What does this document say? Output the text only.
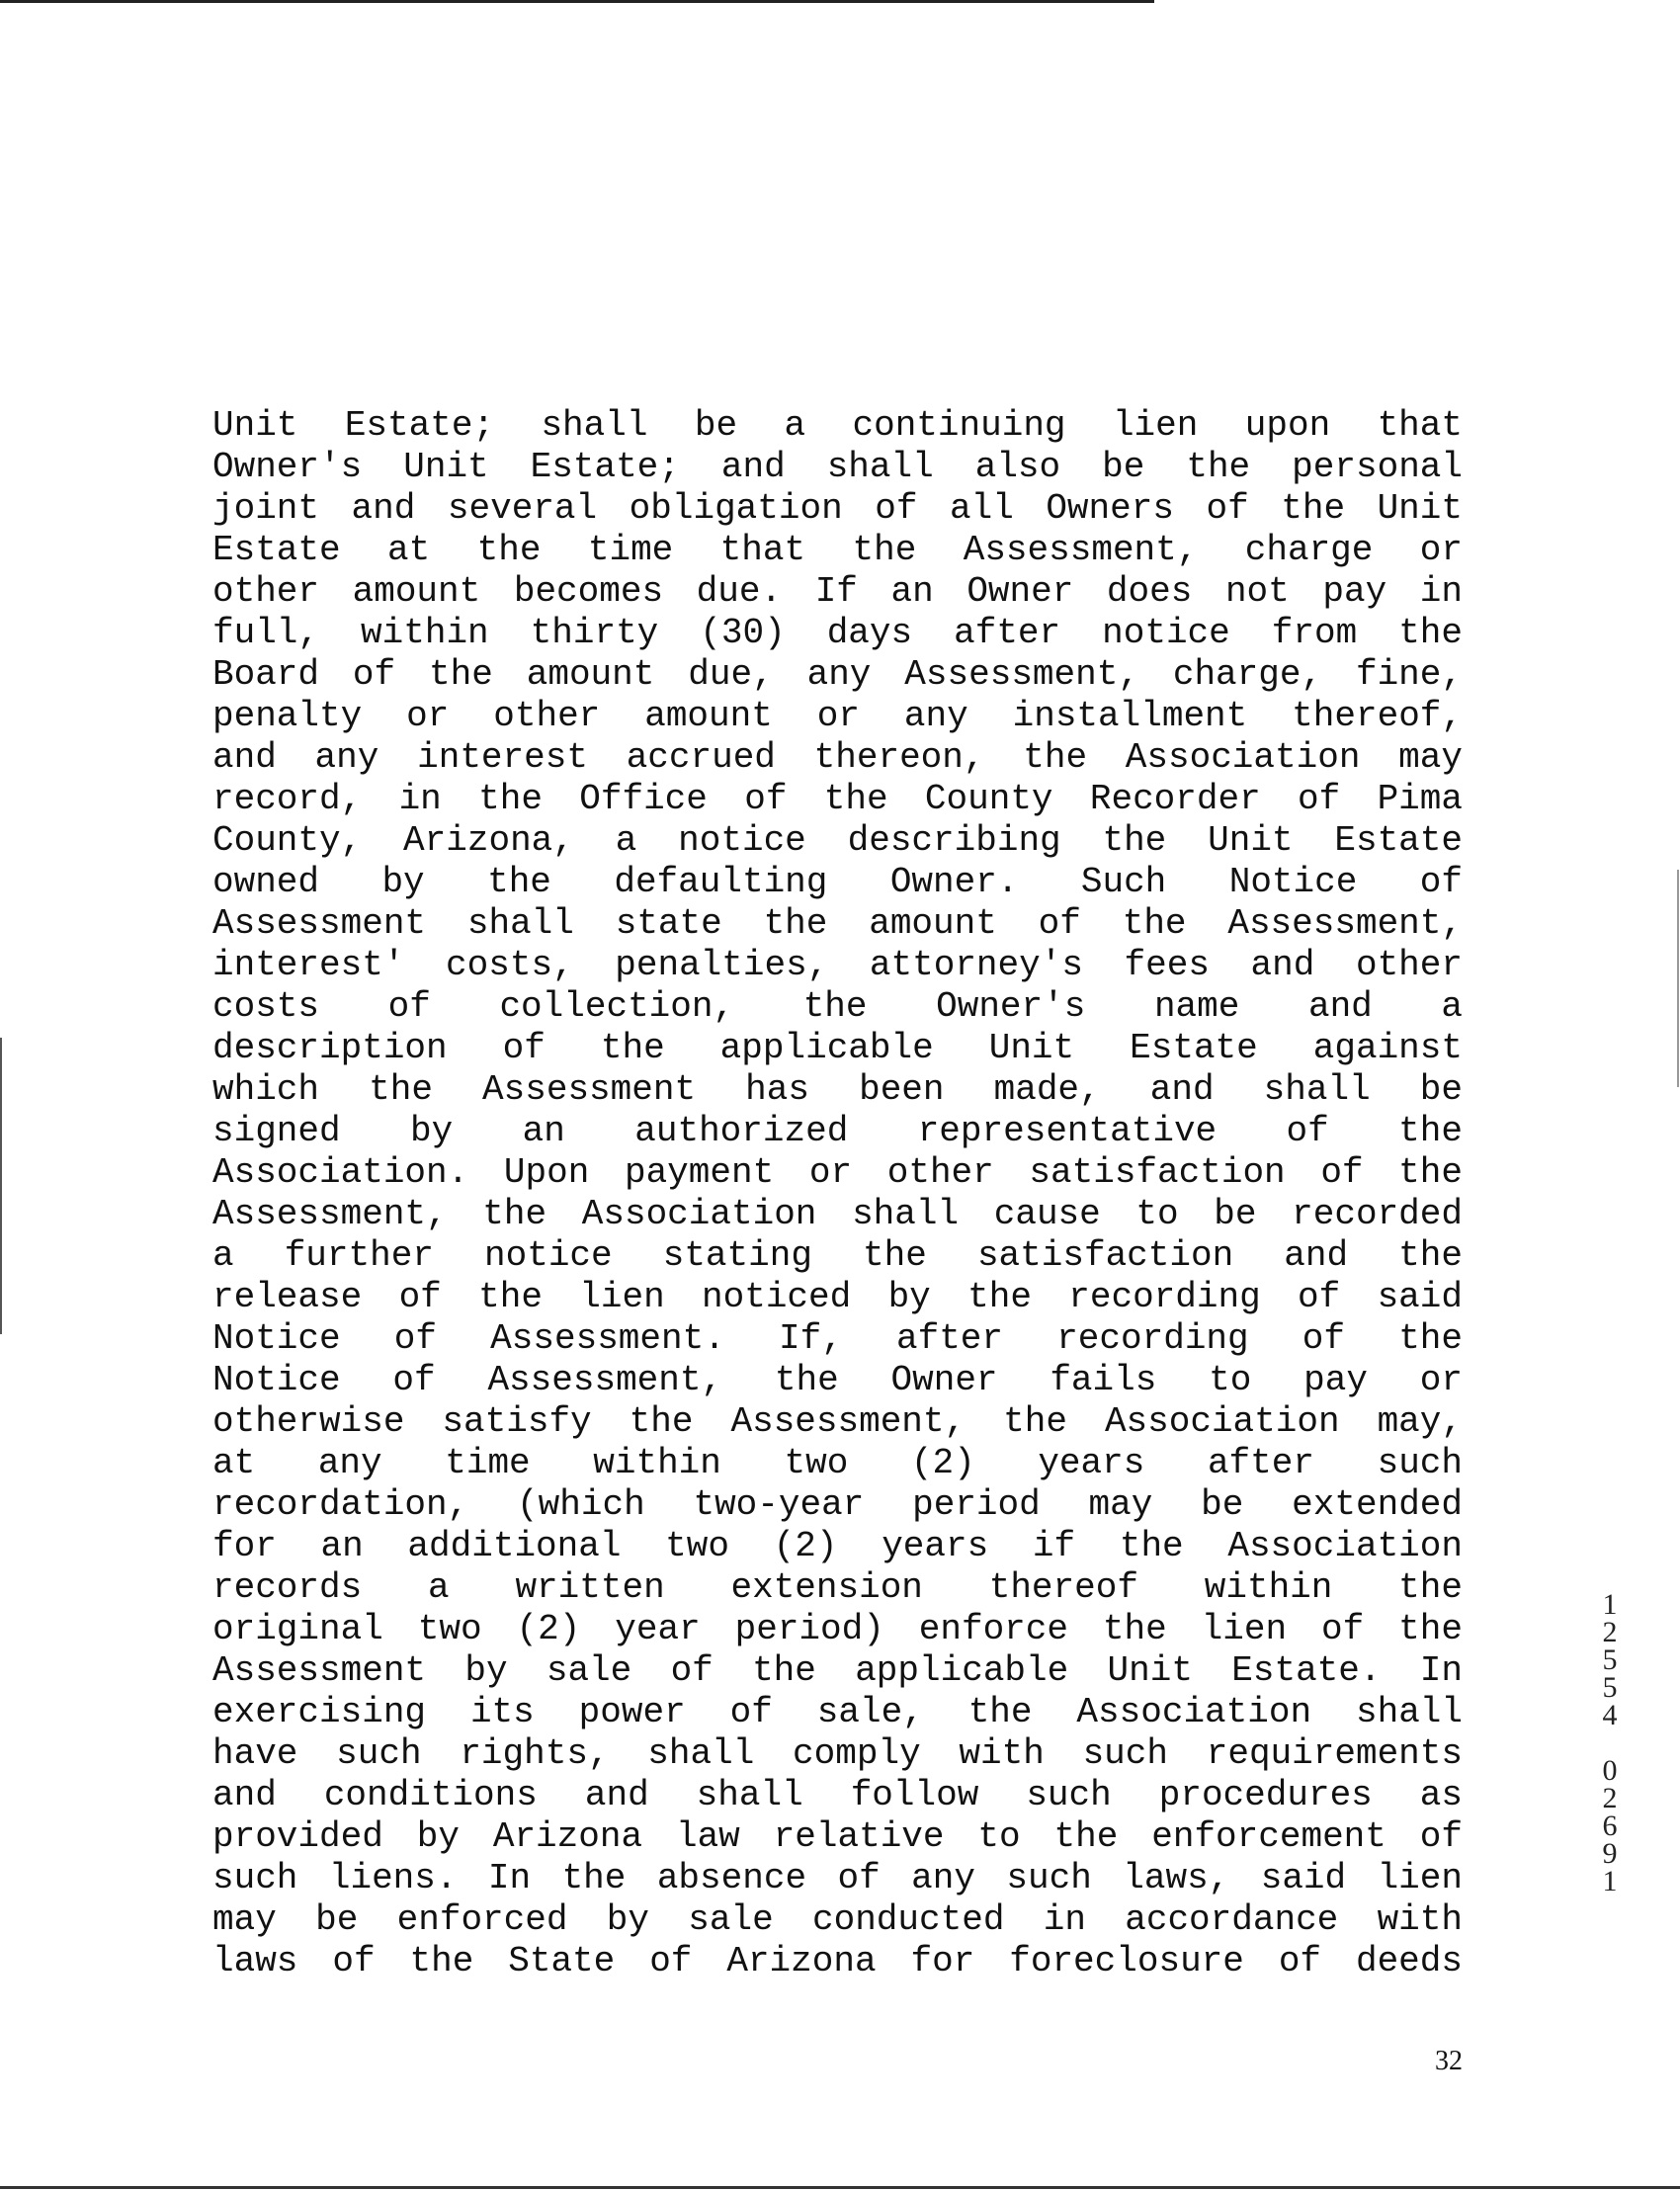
Unit Estate; shall be a continuing lien upon that
Owner's Unit Estate; and shall also be the personal
joint and several obligation of all Owners of the Unit
Estate at the time that the Assessment, charge or
other amount becomes due. If an Owner does not pay in
full, within thirty (30) days after notice from the
Board of the amount due, any Assessment, charge, fine,
penalty or other amount or any installment thereof,
and any interest accrued thereon, the Association may
record, in the Office of the County Recorder of Pima
County, Arizona, a notice describing the Unit Estate
owned by the defaulting Owner. Such Notice of
Assessment shall state the amount of the Assessment,
interest' costs, penalties, attorney's fees and other
costs of collection, the Owner's name and a
description of the applicable Unit Estate against
which the Assessment has been made, and shall be
signed by an authorized representative of the
Association. Upon payment or other satisfaction of the
Assessment, the Association shall cause to be recorded
a further notice stating the satisfaction and the
release of the lien noticed by the recording of said
Notice of Assessment. If, after recording of the
Notice of Assessment, the Owner fails to pay or
otherwise satisfy the Assessment, the Association may,
at any time within two (2) years after such
recordation, (which two-year period may be extended
for an additional two (2) years if the Association
records a written extension thereof within the
original two (2) year period) enforce the lien of the
Assessment by sale of the applicable Unit Estate. In
exercising its power of sale, the Association shall
have such rights, shall comply with such requirements
and conditions and shall follow such procedures as
provided by Arizona law relative to the enforcement of
such liens. In the absence of any such laws, said lien
may be enforced by sale conducted in accordance with
laws of the State of Arizona for foreclosure of deeds
32
1
2
5
5
4

0
2
6
9
1
